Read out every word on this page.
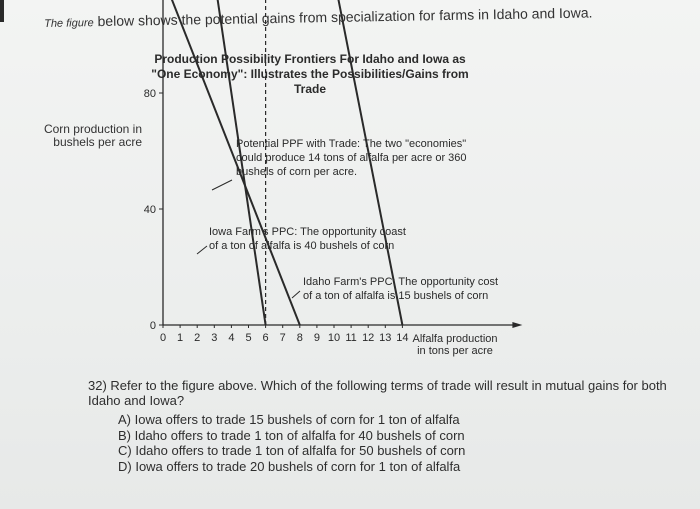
The figure below shows the potential gains from specialization for farms in Idaho and Iowa.
Production Possibility Frontiers For Idaho and Iowa as "One Economy": Illustrates the Possibilities/Gains from Trade
Corn production in bushels per acre
0
40
80
0 1 2 3 4 5 6 7 8 9 10 11 12 13 14
Potential PPF with Trade: The two "economies"
could produce 14 tons of alfalfa per acre or 360
bushels of corn per acre.
Iowa Farm's PPC: The opportunity coast
of a ton of alfalfa is 40 bushels of corn
Idaho Farm's PPC: The opportunity cost
of a ton of alfalfa is 15 bushels of corn
Alfalfa production
in tons per acre
32) Refer to the figure above. Which of the following terms of trade will result in mutual gains for both Idaho and Iowa?
A) Iowa offers to trade 15 bushels of corn for 1 ton of alfalfa
B) Idaho offers to trade 1 ton of alfalfa for 40 bushels of corn
C) Idaho offers to trade 1 ton of alfalfa for 50 bushels of corn
D) Iowa offers to trade 20 bushels of corn for 1 ton of alfalfa
